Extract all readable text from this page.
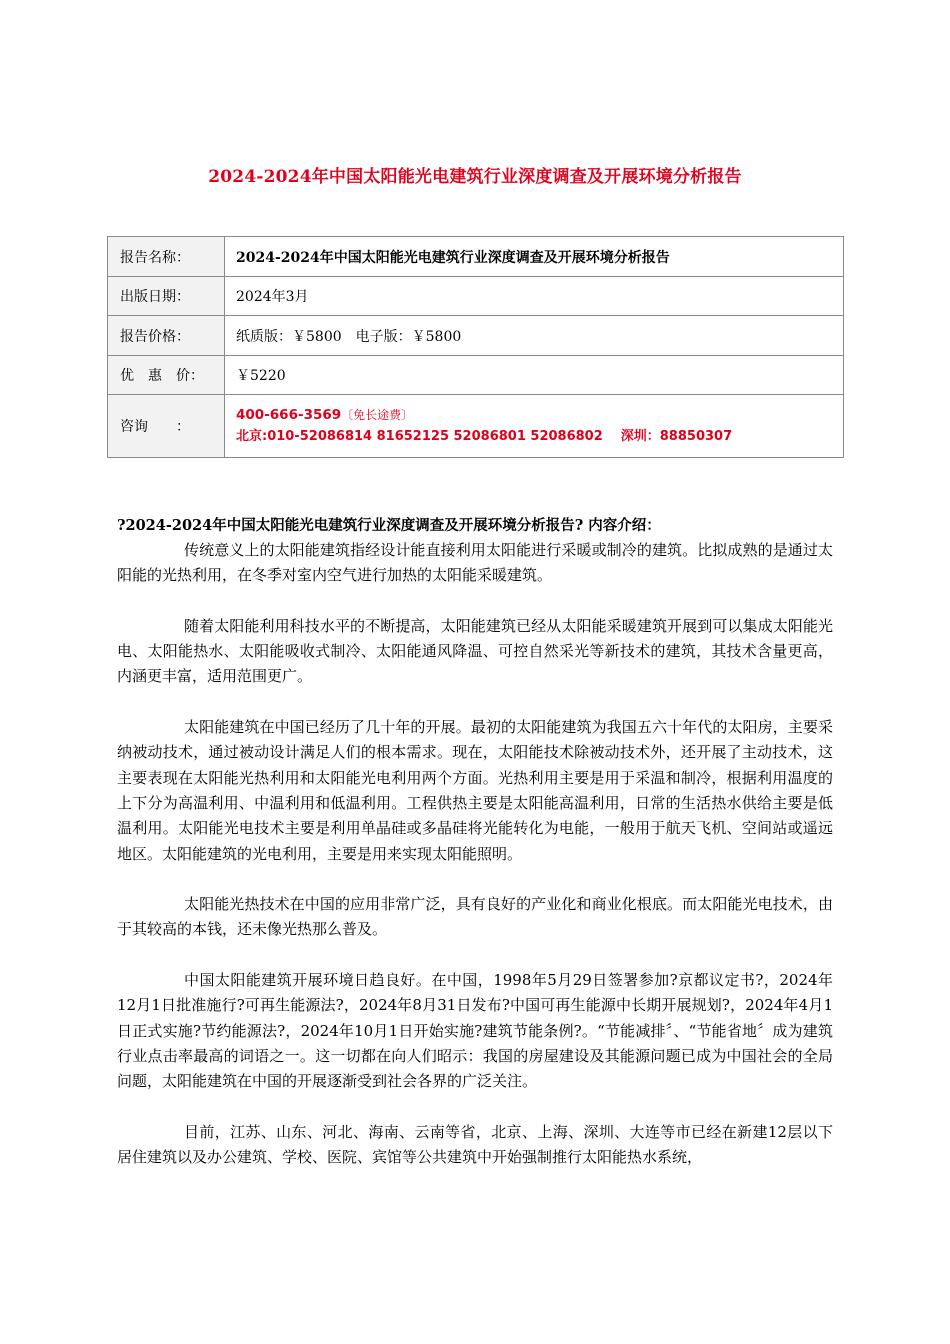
2024-2024年中国太阳能光电建筑行业深度调查及开展环境分析报告
报告名称：	2024-2024年中国太阳能光电建筑行业深度调查及开展环境分析报告
出版日期：	2024年3月
报告价格：	纸质版：￥5800　电子版：￥5800
优　惠　价：	￥5220
咨询　　：	400-666-3569〔免长途费〕
北京:010-52086814 81652125 52086801 52086802 深圳：88850307
?2024-2024年中国太阳能光电建筑行业深度调查及开展环境分析报告? 内容介绍：

传统意义上的太阳能建筑指经设计能直接利用太阳能进行采暖或制冷的建筑。比拟成熟的是通过太阳能的光热利用，在冬季对室内空气进行加热的太阳能采暖建筑。

随着太阳能利用科技水平的不断提高，太阳能建筑已经从太阳能采暖建筑开展到可以集成太阳能光电、太阳能热水、太阳能吸收式制冷、太阳能通风降温、可控自然采光等新技术的建筑，其技术含量更高，内涵更丰富，适用范围更广。

太阳能建筑在中国已经历了几十年的开展。最初的太阳能建筑为我国五六十年代的太阳房，主要采纳被动技术，通过被动设计满足人们的根本需求。现在，太阳能技术除被动技术外，还开展了主动技术，这主要表现在太阳能光热利用和太阳能光电利用两个方面。光热利用主要是用于采温和制冷，根据利用温度的上下分为高温利用、中温利用和低温利用。工程供热主要是太阳能高温利用，日常的生活热水供给主要是低温利用。太阳能光电技术主要是利用单晶硅或多晶硅将光能转化为电能，一般用于航天飞机、空间站或遥远地区。太阳能建筑的光电利用，主要是用来实现太阳能照明。

太阳能光热技术在中国的应用非常广泛，具有良好的产业化和商业化根底。而太阳能光电技术，由于其较高的本钱，还未像光热那么普及。

中国太阳能建筑开展环境日趋良好。在中国，1998年5月29日签署参加?京都议定书?，2024年12月1日批准施行?可再生能源法?，2024年8月31日发布?中国可再生能源中长期开展规划?，2024年4月1日正式实施?节约能源法?，2024年10月1日开始实施?建筑节能条例?。“节能减排〞、“节能省地〞成为建筑行业点击率最高的词语之一。这一切都在向人们昭示：我国的房屋建设及其能源问题已成为中国社会的全局问题，太阳能建筑在中国的开展逐渐受到社会各界的广泛关注。

目前，江苏、山东、河北、海南、云南等省，北京、上海、深圳、大连等市已经在新建12层以下居住建筑以及办公建筑、学校、医院、宾馆等公共建筑中开始强制推行太阳能热水系统，
